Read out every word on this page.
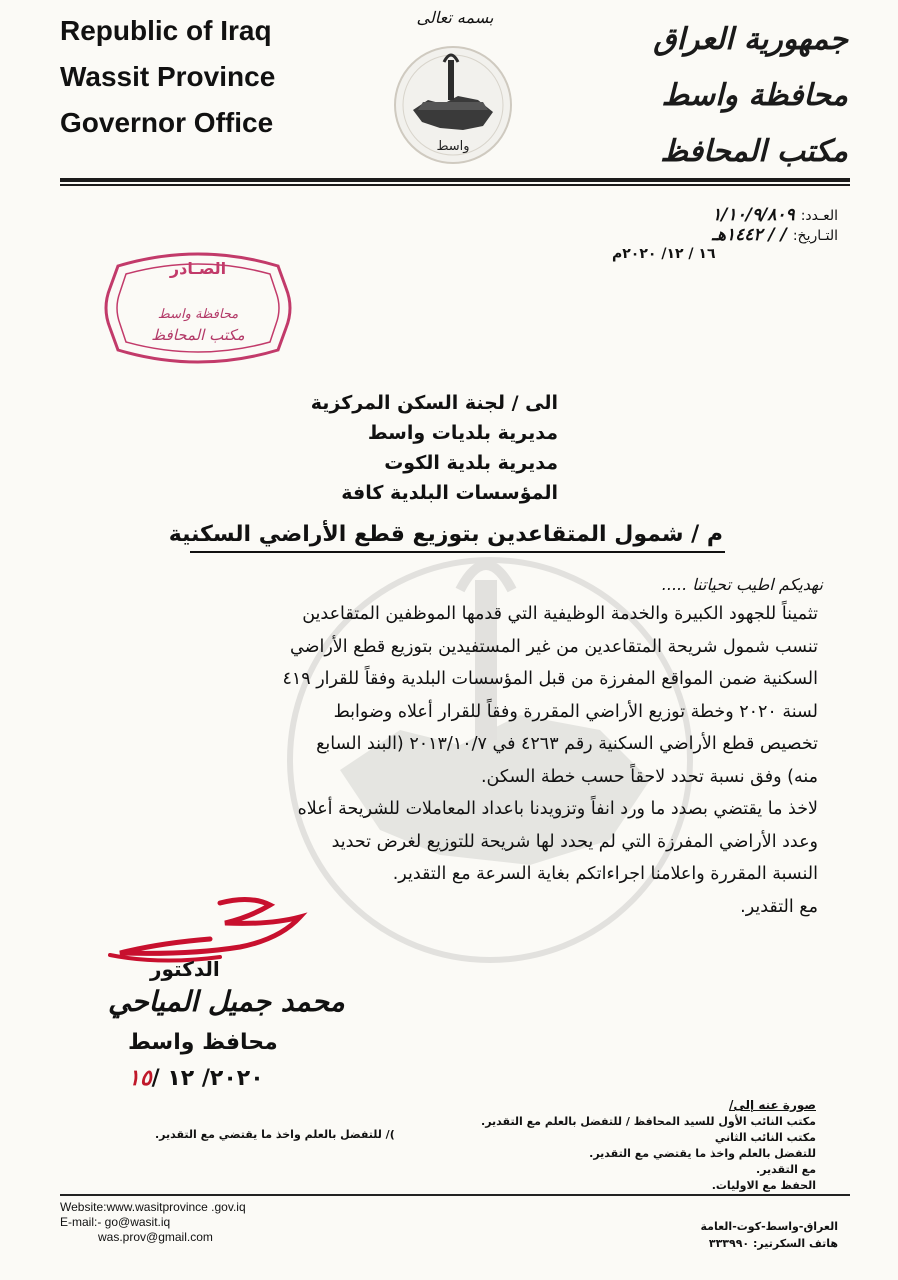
Republic of Iraq
Wassit Province
Governor Office
بسمه تعالى
واسط
جمهورية العراق
محافظة واسط
مكتب المحافظ
العـدد:١/١٠/٩/٨٠٩
التـاريخ:/ / ١٤٤٢هـ
١٦ / ١٢/ ٢٠٢٠م
الصـادر
محافظة واسط
مكتب المحافظ
الى / لجنة السكن المركزية
مديرية بلديات واسط
مديرية بلدية الكوت
المؤسسات البلدية كافة
م / شمول المتقاعدين بتوزيع قطع الأراضي السكنية
نهديكم اطيب تحياتنا .....
تثميناً للجهود الكبيرة والخدمة الوظيفية التي قدمها الموظفين المتقاعدين
تنسب شمول شريحة المتقاعدين من غير المستفيدين بتوزيع قطع الأراضي
السكنية ضمن المواقع المفرزة من قبل المؤسسات البلدية وفقاً للقرار ٤١٩
لسنة ٢٠٢٠ وخطة توزيع الأراضي المقررة وفقاً للقرار أعلاه وضوابط
تخصيص قطع الأراضي السكنية رقم ٤٢٦٣ في ٢٠١٣/١٠/٧ (البند السابع
منه) وفق نسبة تحدد لاحقاً حسب خطة السكن.
لاخذ ما يقتضي بصدد ما ورد انفاً وتزويدنا باعداد المعاملات للشريحة أعلاه
وعدد الأراضي المفرزة التي لم يحدد لها شريحة للتوزيع لغرض تحديد
النسبة المقررة واعلامنا اجراءاتكم بغاية السرعة مع التقدير.
مع التقدير.
الدكتور
محمد جميل المياحي
محافظ واسط
٢٠٢٠/ ١٢ /١٥
صورة عنه إلى/
مكتب النائب الأول للسيد المحافظ / للتفضل بالعلم مع التقدير.
مكتب النائب الثاني
للتفضل بالعلم واخذ ما يقتضي مع التقدير.
مع التقدير.
الحفظ مع الاوليات.
)/ للتفضل بالعلم واخذ ما يقتضي مع التقدير.
Website:www.wasitprovince .gov.iq
E-mail:- go@wasit.iq
was.prov@gmail.com
العراق-واسط-كوت-العامة
هاتف السكرتير: ٣٣٣٩٩٠
